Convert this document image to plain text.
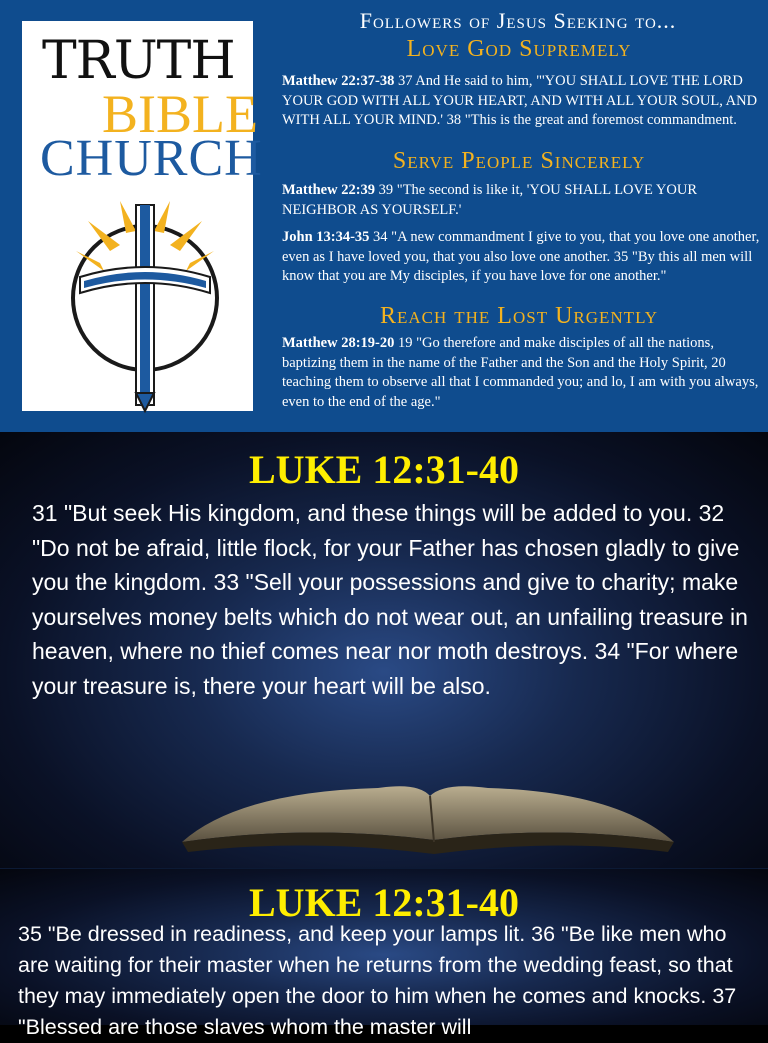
TRUTH
BIBLE
CHURCH
Followers of Jesus Seeking to...
Love God Supremely
Matthew 22:37-38 37 And He said to him, "'YOU SHALL LOVE THE LORD YOUR GOD WITH ALL YOUR HEART, AND WITH ALL YOUR SOUL, AND WITH ALL YOUR MIND.' 38 "This is the great and foremost commandment.
Serve People Sincerely
Matthew 22:39 39 "The second is like it, 'YOU SHALL LOVE YOUR NEIGHBOR AS YOURSELF.'
John 13:34-35 34 "A new commandment I give to you, that you love one another, even as I have loved you, that you also love one another. 35 "By this all men will know that you are My disciples, if you have love for one another."
Reach the Lost Urgently
Matthew 28:19-20 19 "Go therefore and make disciples of all the nations, baptizing them in the name of the Father and the Son and the Holy Spirit, 20 teaching them to observe all that I commanded you; and lo, I am with you always, even to the end of the age."
LUKE 12:31-40
31 "But seek His kingdom, and these things will be added to you. 32 "Do not be afraid, little flock, for your Father has chosen gladly to give you the kingdom. 33 "Sell your possessions and give to charity; make yourselves money belts which do not wear out, an unfailing treasure in heaven, where no thief comes near nor moth destroys. 34 "For where your treasure is, there your heart will be also.
LUKE 12:31-40
35 "Be dressed in readiness, and keep your lamps lit. 36 "Be like men who are waiting for their master when he returns from the wedding feast, so that they may immediately open the door to him when he comes and knocks. 37 "Blessed are those slaves whom the master will
